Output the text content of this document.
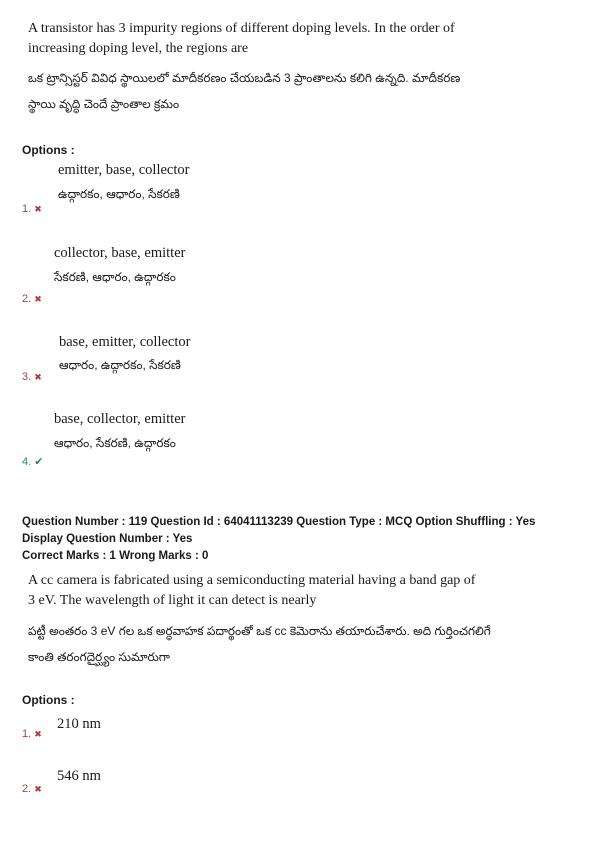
A transistor has 3 impurity regions of different doping levels. In the order of
increasing doping level, the regions are
ఒక ట్రాన్సిస్టర్ వివిధ స్థాయిలలో మాదీకరణం చేయబడిన 3 ప్రాంతాలను కలిగి ఉన్నది. మాదీకరణ
స్థాయి వృద్ధి చెందే ప్రాంతాల క్రమం
Options :
emitter, base, collector
ఉద్గారకం, ఆధారం, సేకరణి
1. ✖
collector, base, emitter
సేకరణి, ఆధారం, ఉద్గారకం
2. ✖
base, emitter, collector
ఆధారం, ఉద్గారకం, సేకరణి
3. ✖
base, collector, emitter
ఆధారం, సేకరణి, ఉద్గారకం
4. ✔
Question Number : 119 Question Id : 64041113239 Question Type : MCQ Option Shuffling : Yes
Display Question Number : Yes
Correct Marks : 1 Wrong Marks : 0
A cc camera is fabricated using a semiconducting material having a band gap of
3 eV. The wavelength of light it can detect is nearly
పట్టీ అంతరం 3 eV గల ఒక అర్ధవాహక పదార్థంతో ఒక cc కెమెరాను తయారుచేశారు. అది గుర్తించగలిగే
కాంతి తరంగదైర్ఘ్యం సుమారుగా
Options :
210 nm
1. ✖
546 nm
2. ✖
